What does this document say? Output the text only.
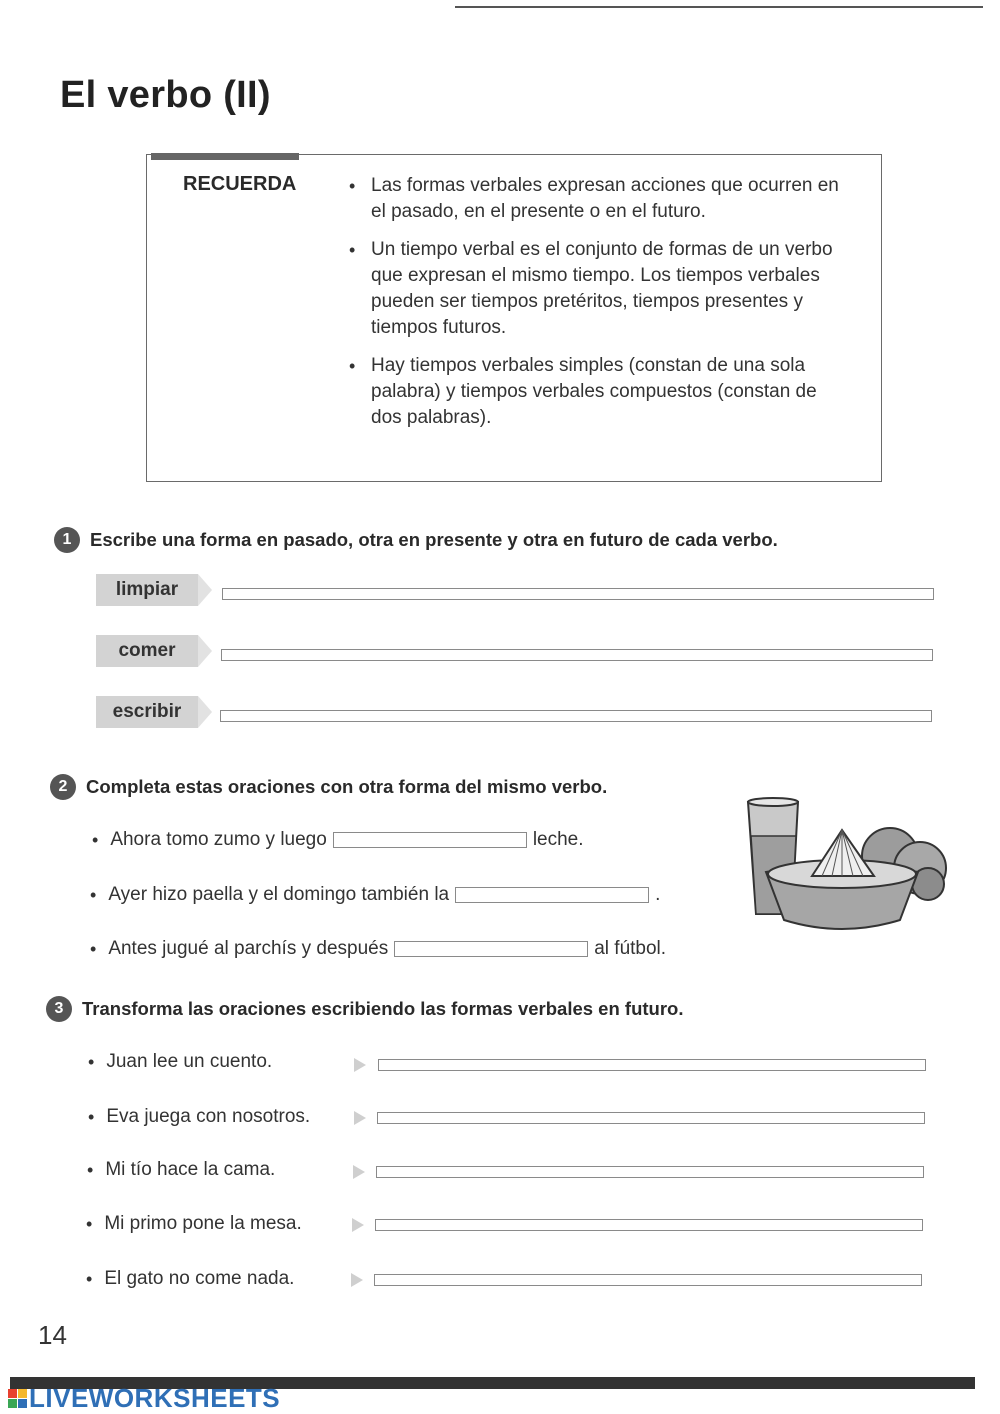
El verbo (II)
RECUERDA
•	Las formas verbales expresan acciones que ocurren en el pasado, en el presente o en el futuro.
• Un tiempo verbal es el conjunto de formas de un verbo que expresan el mismo tiempo. Los tiempos verbales pueden ser tiempos pretéritos, tiempos presentes y tiempos futuros.
• Hay tiempos verbales simples (constan de una sola palabra) y tiempos verbales compuestos (constan de dos palabras).
1	Escribe una forma en pasado, otra en presente y otra en futuro de cada verbo.
limpiar
comer
escribir
2	Completa estas oraciones con otra forma del mismo verbo.
• Ahora tomo zumo y luego	leche.
• Ayer hizo paella y el domingo también la	.
• Antes jugué al parchís y después	al fútbol.
3	Transforma las oraciones escribiendo las formas verbales en futuro.
• Juan lee un cuento.
• Eva juega con nosotros.
• Mi tío hace la cama.
• Mi primo pone la mesa.
• El gato no come nada.
14
LIVEWORKSHEETS
